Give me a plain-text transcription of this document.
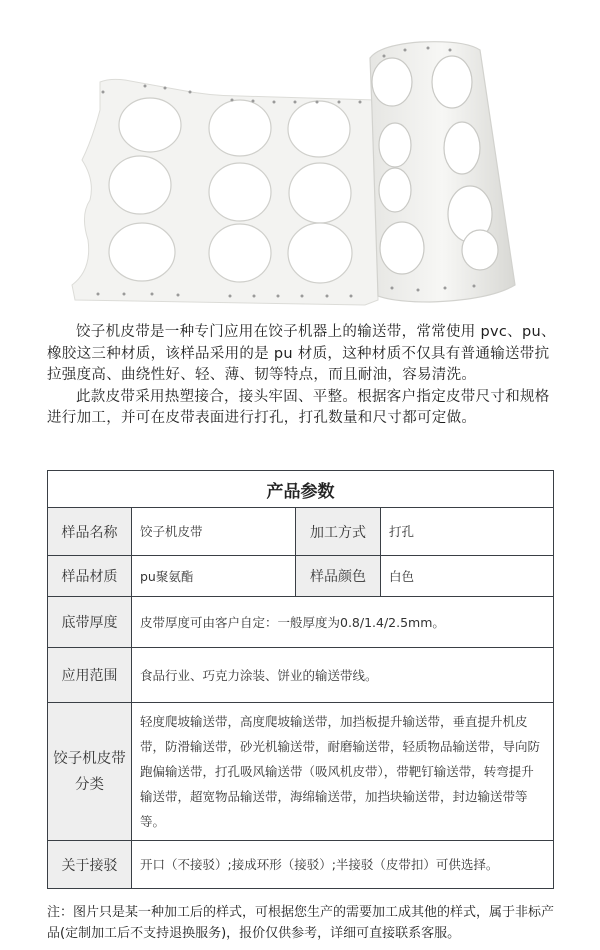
饺子机皮带是一种专门应用在饺子机器上的输送带，常常使用 pvc、pu、橡胶这三种材质，该样品采用的是 pu 材质，这种材质不仅具有普通输送带抗拉强度高、曲绕性好、轻、薄、韧等特点，而且耐油，容易清洗。

此款皮带采用热塑接合，接头牢固、平整。根据客户指定皮带尺寸和规格进行加工，并可在皮带表面进行打孔，打孔数量和尺寸都可定做。

产品参数			
样品名称	饺子机皮带	加工方式	打孔
样品材质	pu聚氨酯	样品颜色	白色
底带厚度	皮带厚度可由客户自定：一般厚度为0.8/1.4/2.5mm。		
应用范围	食品行业、巧克力涂装、饼业的输送带线。		
饺子机皮带分类	轻度爬坡输送带，高度爬坡输送带，加挡板提升输送带，垂直提升机皮带，防滑输送带，砂光机输送带，耐磨输送带，轻质物品输送带，导向防跑偏输送带，打孔吸风输送带（吸风机皮带），带靶钉输送带，转弯提升输送带，超宽物品输送带，海绵输送带，加挡块输送带，封边输送带等等。		
关于接驳	开口（不接驳）;接成环形（接驳）;半接驳（皮带扣）可供选择。		
注：图片只是某一种加工后的样式，可根据您生产的需要加工成其他的样式，属于非标产品(定制加工后不支持退换服务)，报价仅供参考，详细可直接联系客服。
